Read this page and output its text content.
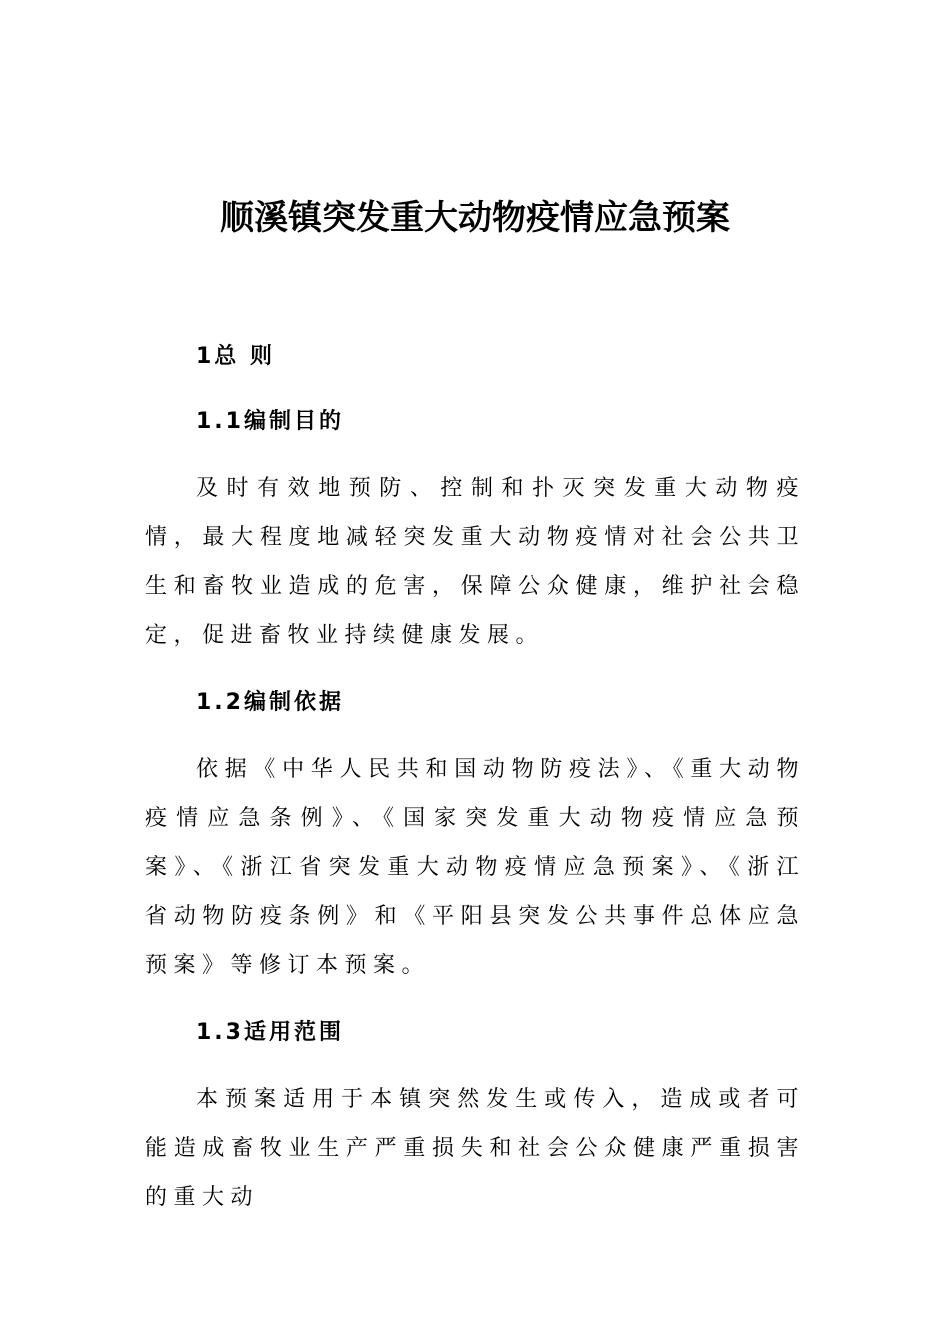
顺溪镇突发重大动物疫情应急预案
1总 则
1.1编制目的

及时有效地预防、控制和扑灭突发重大动物疫情，最大程度地减轻突发重大动物疫情对社会公共卫生和畜牧业造成的危害，保障公众健康，维护社会稳定，促进畜牧业持续健康发展。

1.2编制依据

依据《中华人民共和国动物防疫法》、《重大动物疫情应急条例》、《国家突发重大动物疫情应急预案》、《浙江省突发重大动物疫情应急预案》、《浙江省动物防疫条例》和《平阳县突发公共事件总体应急预案》等修订本预案。

1.3适用范围

本预案适用于本镇突然发生或传入，造成或者可能造成畜牧业生产严重损失和社会公众健康严重损害的重大动
